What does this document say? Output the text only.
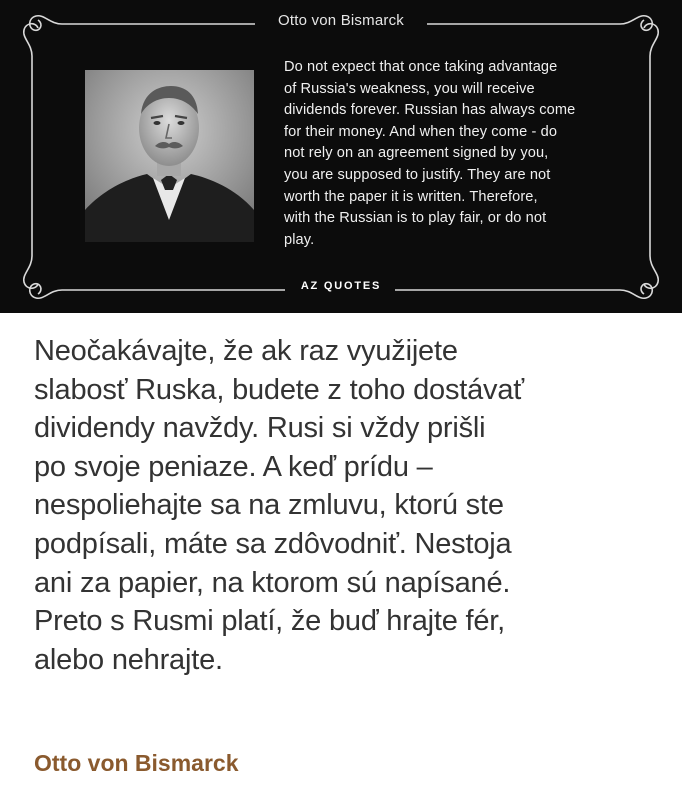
Otto von Bismarck
Do not expect that once taking advantage
of Russia's weakness, you will receive
dividends forever. Russian has always come
for their money. And when they come - do
not rely on an agreement signed by you,
you are supposed to justify. They are not
worth the paper it is written. Therefore,
with the Russian is to play fair, or do not
play.
AZ QUOTES
Neočakávajte, že ak raz využijete
slabosť Ruska, budete z toho dostávať
dividendy navždy. Rusi si vždy prišli
po svoje peniaze. A keď prídu –
nespoliehajte sa na zmluvu, ktorú ste
podpísali, máte sa zdôvodniť. Nestoja
ani za papier, na ktorom sú napísané.
Preto s Rusmi platí, že buď hrajte fér,
alebo nehrajte.
Otto von Bismarck
